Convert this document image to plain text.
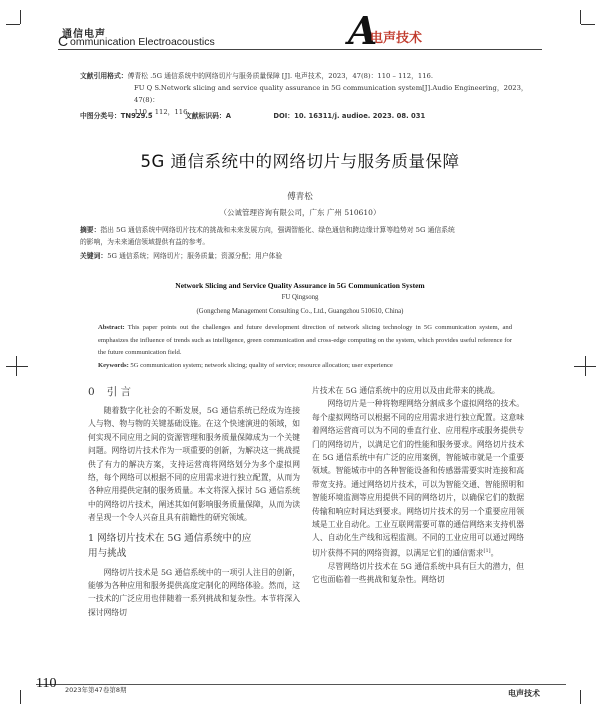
通信电声
C ommunication Electroacoustics	A
电声技术
文献引用格式：傅青松 .5G 通信系统中的网络切片与服务质量保障 [J]. 电声技术，2023，47(8)：110 – 112，116.
FU Q S.Network slicing and service quality assurance in 5G communication system[J].Audio Engineering，2023，47(8)：
110 – 112，116.
中图分类号：TN929.5	文献标识码：A	DOI：10. 16311/j. audioe. 2023. 08. 031
5G 通信系统中的网络切片与服务质量保障
傅青松
（公诚管理咨询有限公司，广东 广州 510610）
摘要：指出 5G 通信系统中网络切片技术的挑战和未来发展方向，强调智能化、绿色通信和跨边缘计算等趋势对 5G 通信系统
的影响，为未来通信领域提供有益的参考。
关键词：5G 通信系统；网络切片；服务质量；资源分配；用户体验
Network Slicing and Service Quality Assurance in 5G Communication System
FU Qingsong
(Gongcheng Management Consulting Co., Ltd., Guangzhou 510610, China)
Abstract: This paper points out the challenges and future development direction of network slicing technology in 5G communication system, and emphasizes the influence of trends such as intelligence, green communication and cross-edge computing on the system, which provides useful reference for the future communication field.
Keywords: 5G communication system; network slicing; quality of service; resource allocation; user experience
0 引 言

随着数字化社会的不断发展，5G 通信系统已经成为连接人与物、物与物的关键基础设施。在这个快速演进的领域，如何实现不同应用之间的资源管理和服务质量保障成为一个关键问题。网络切片技术作为一项重要的创新，为解决这一挑战提供了有力的解决方案，支持运营商将网络划分为多个虚拟网络，每个网络可以根据不同的应用需求进行独立配置，从而为各种应用提供定制的服务质量。本文将深入探讨 5G 通信系统中的网络切片技术，阐述其如何影响服务质量保障，从而为读者呈现一个令人兴奋且具有前瞻性的研究领域。

1 网络切片技术在 5G 通信系统中的应
用与挑战

网络切片技术是 5G 通信系统中的一项引人注目的创新，能够为各种应用和服务提供高度定制化的网络体验。然而，这一技术的广泛应用也伴随着一系列挑战和复杂性。本节将深入探讨网络切

片技术在 5G 通信系统中的应用以及由此带来的挑战。

网络切片是一种将物理网络分割成多个虚拟网络的技术。每个虚拟网络可以根据不同的应用需求进行独立配置。这意味着网络运营商可以为不同的垂直行业、应用程序或服务提供专门的网络切片，以满足它们的性能和服务要求。网络切片技术在 5G 通信系统中有广泛的应用案例，智能城市就是一个重要领域。智能城市中的各种智能设备和传感器需要实时连接和高带宽支持。通过网络切片技术，可以为智能交通、智能照明和智能环境监测等应用提供不同的网络切片，以确保它们的数据传输和响应时间达到要求。网络切片技术的另一个重要应用领域是工业自动化。工业互联网需要可靠的通信网络来支持机器人、自动化生产线和远程监测。不同的工业应用可以通过网络切片获得不同的网络资源，以满足它们的通信需求[1]。

尽管网络切片技术在 5G 通信系统中具有巨大的潜力，但它也面临着一些挑战和复杂性。网络切

110 2023年第47卷第8期	电声技术
